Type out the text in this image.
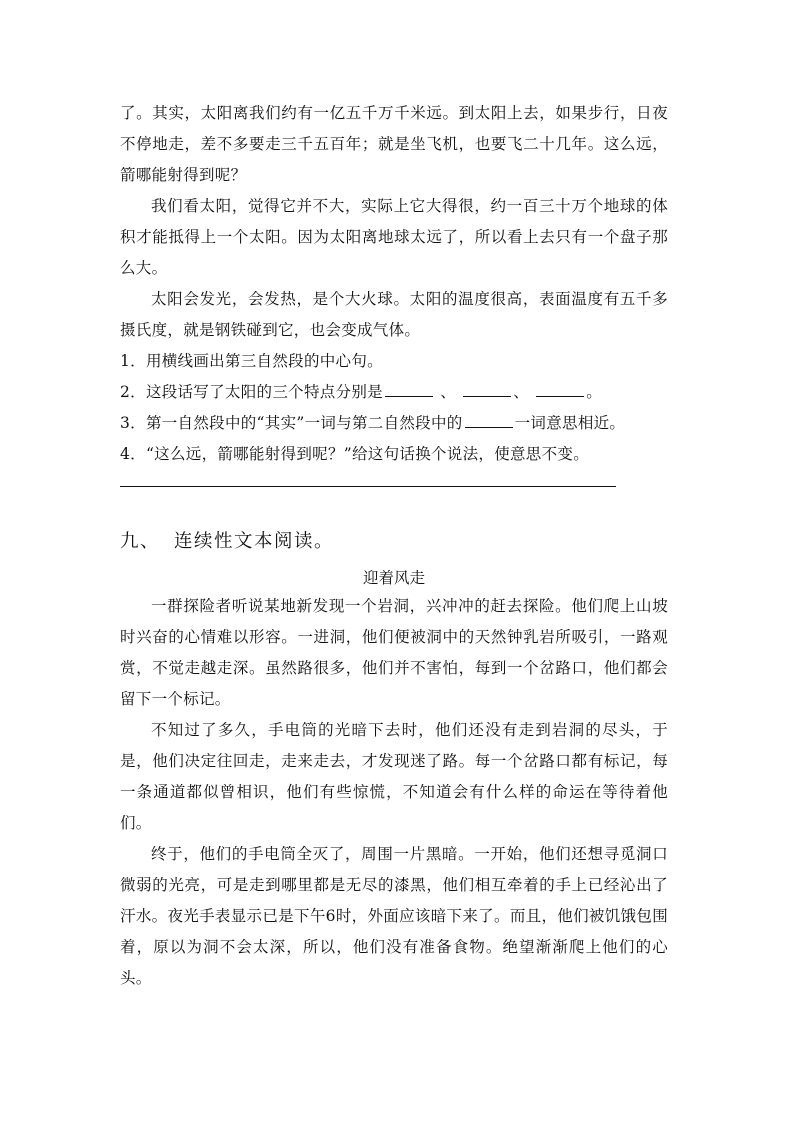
了。其实，太阳离我们约有一亿五千万千米远。到太阳上去，如果步行，日夜不停地走，差不多要走三千五百年；就是坐飞机，也要飞二十几年。这么远，箭哪能射得到呢？

我们看太阳，觉得它并不大，实际上它大得很，约一百三十万个地球的体积才能抵得上一个太阳。因为太阳离地球太远了，所以看上去只有一个盘子那么大。

太阳会发光，会发热，是个大火球。太阳的温度很高，表面温度有五千多摄氏度，就是钢铁碰到它，也会变成气体。

1．用横线画出第三自然段的中心句。

2．这段话写了太阳的三个特点分别是	、	、	。

3．第一自然段中的“其实”一词与第二自然段中的	一词意思相近。

4．“这么远，箭哪能射得到呢？”给这句话换个说法，使意思不变。

九、 连续性文本阅读。
迎着风走

一群探险者听说某地新发现一个岩洞，兴冲冲的赶去探险。他们爬上山坡时兴奋的心情难以形容。一进洞，他们便被洞中的天然钟乳岩所吸引，一路观赏，不觉走越走深。虽然路很多，他们并不害怕，每到一个岔路口，他们都会留下一个标记。

不知过了多久，手电筒的光暗下去时，他们还没有走到岩洞的尽头，于是，他们决定往回走，走来走去，才发现迷了路。每一个岔路口都有标记，每一条通道都似曾相识，他们有些惊慌，不知道会有什么样的命运在等待着他们。

终于，他们的手电筒全灭了，周围一片黑暗。一开始，他们还想寻觅洞口微弱的光亮，可是走到哪里都是无尽的漆黑，他们相互牵着的手上已经沁出了汗水。夜光手表显示已是下午6时，外面应该暗下来了。而且，他们被饥饿包围着，原以为洞不会太深，所以，他们没有准备食物。绝望渐渐爬上他们的心头。
